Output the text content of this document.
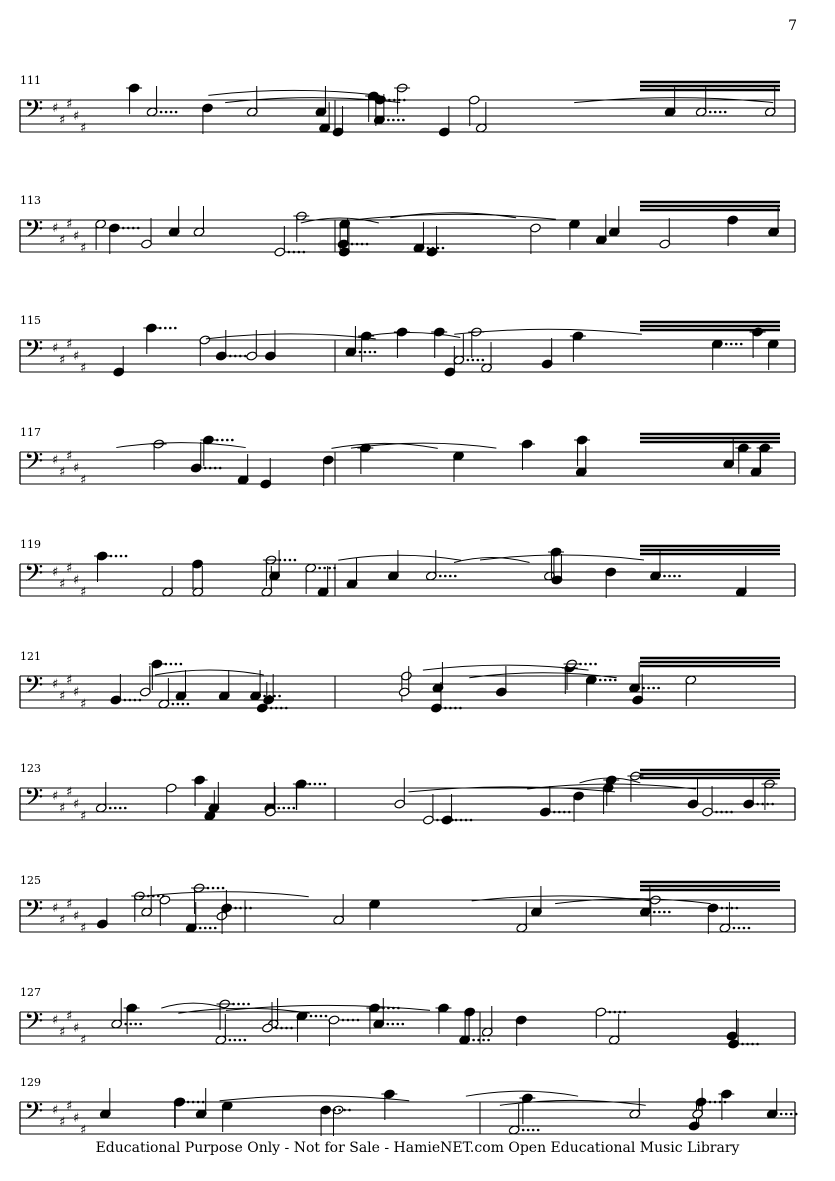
7
111
𝄢 ♯
♯
♯
♯
♯
113
𝄢 ♯
♯
♯
♯
♯
115
𝄢 ♯
♯
♯
♯
♯
117
𝄢 ♯
♯
♯
♯
♯
119
𝄢 ♯
♯
♯
♯
♯
121
𝄢 ♯
♯
♯
♯
♯
123
𝄢 ♯
♯
♯
♯
♯
125
𝄢 ♯
♯
♯
♯
♯
127
𝄢 ♯
♯
♯
♯
♯
129
𝄢 ♯
♯
♯
♯
♯
Educational Purpose Only - Not for Sale - HamieNET.com Open Educational Music Library
